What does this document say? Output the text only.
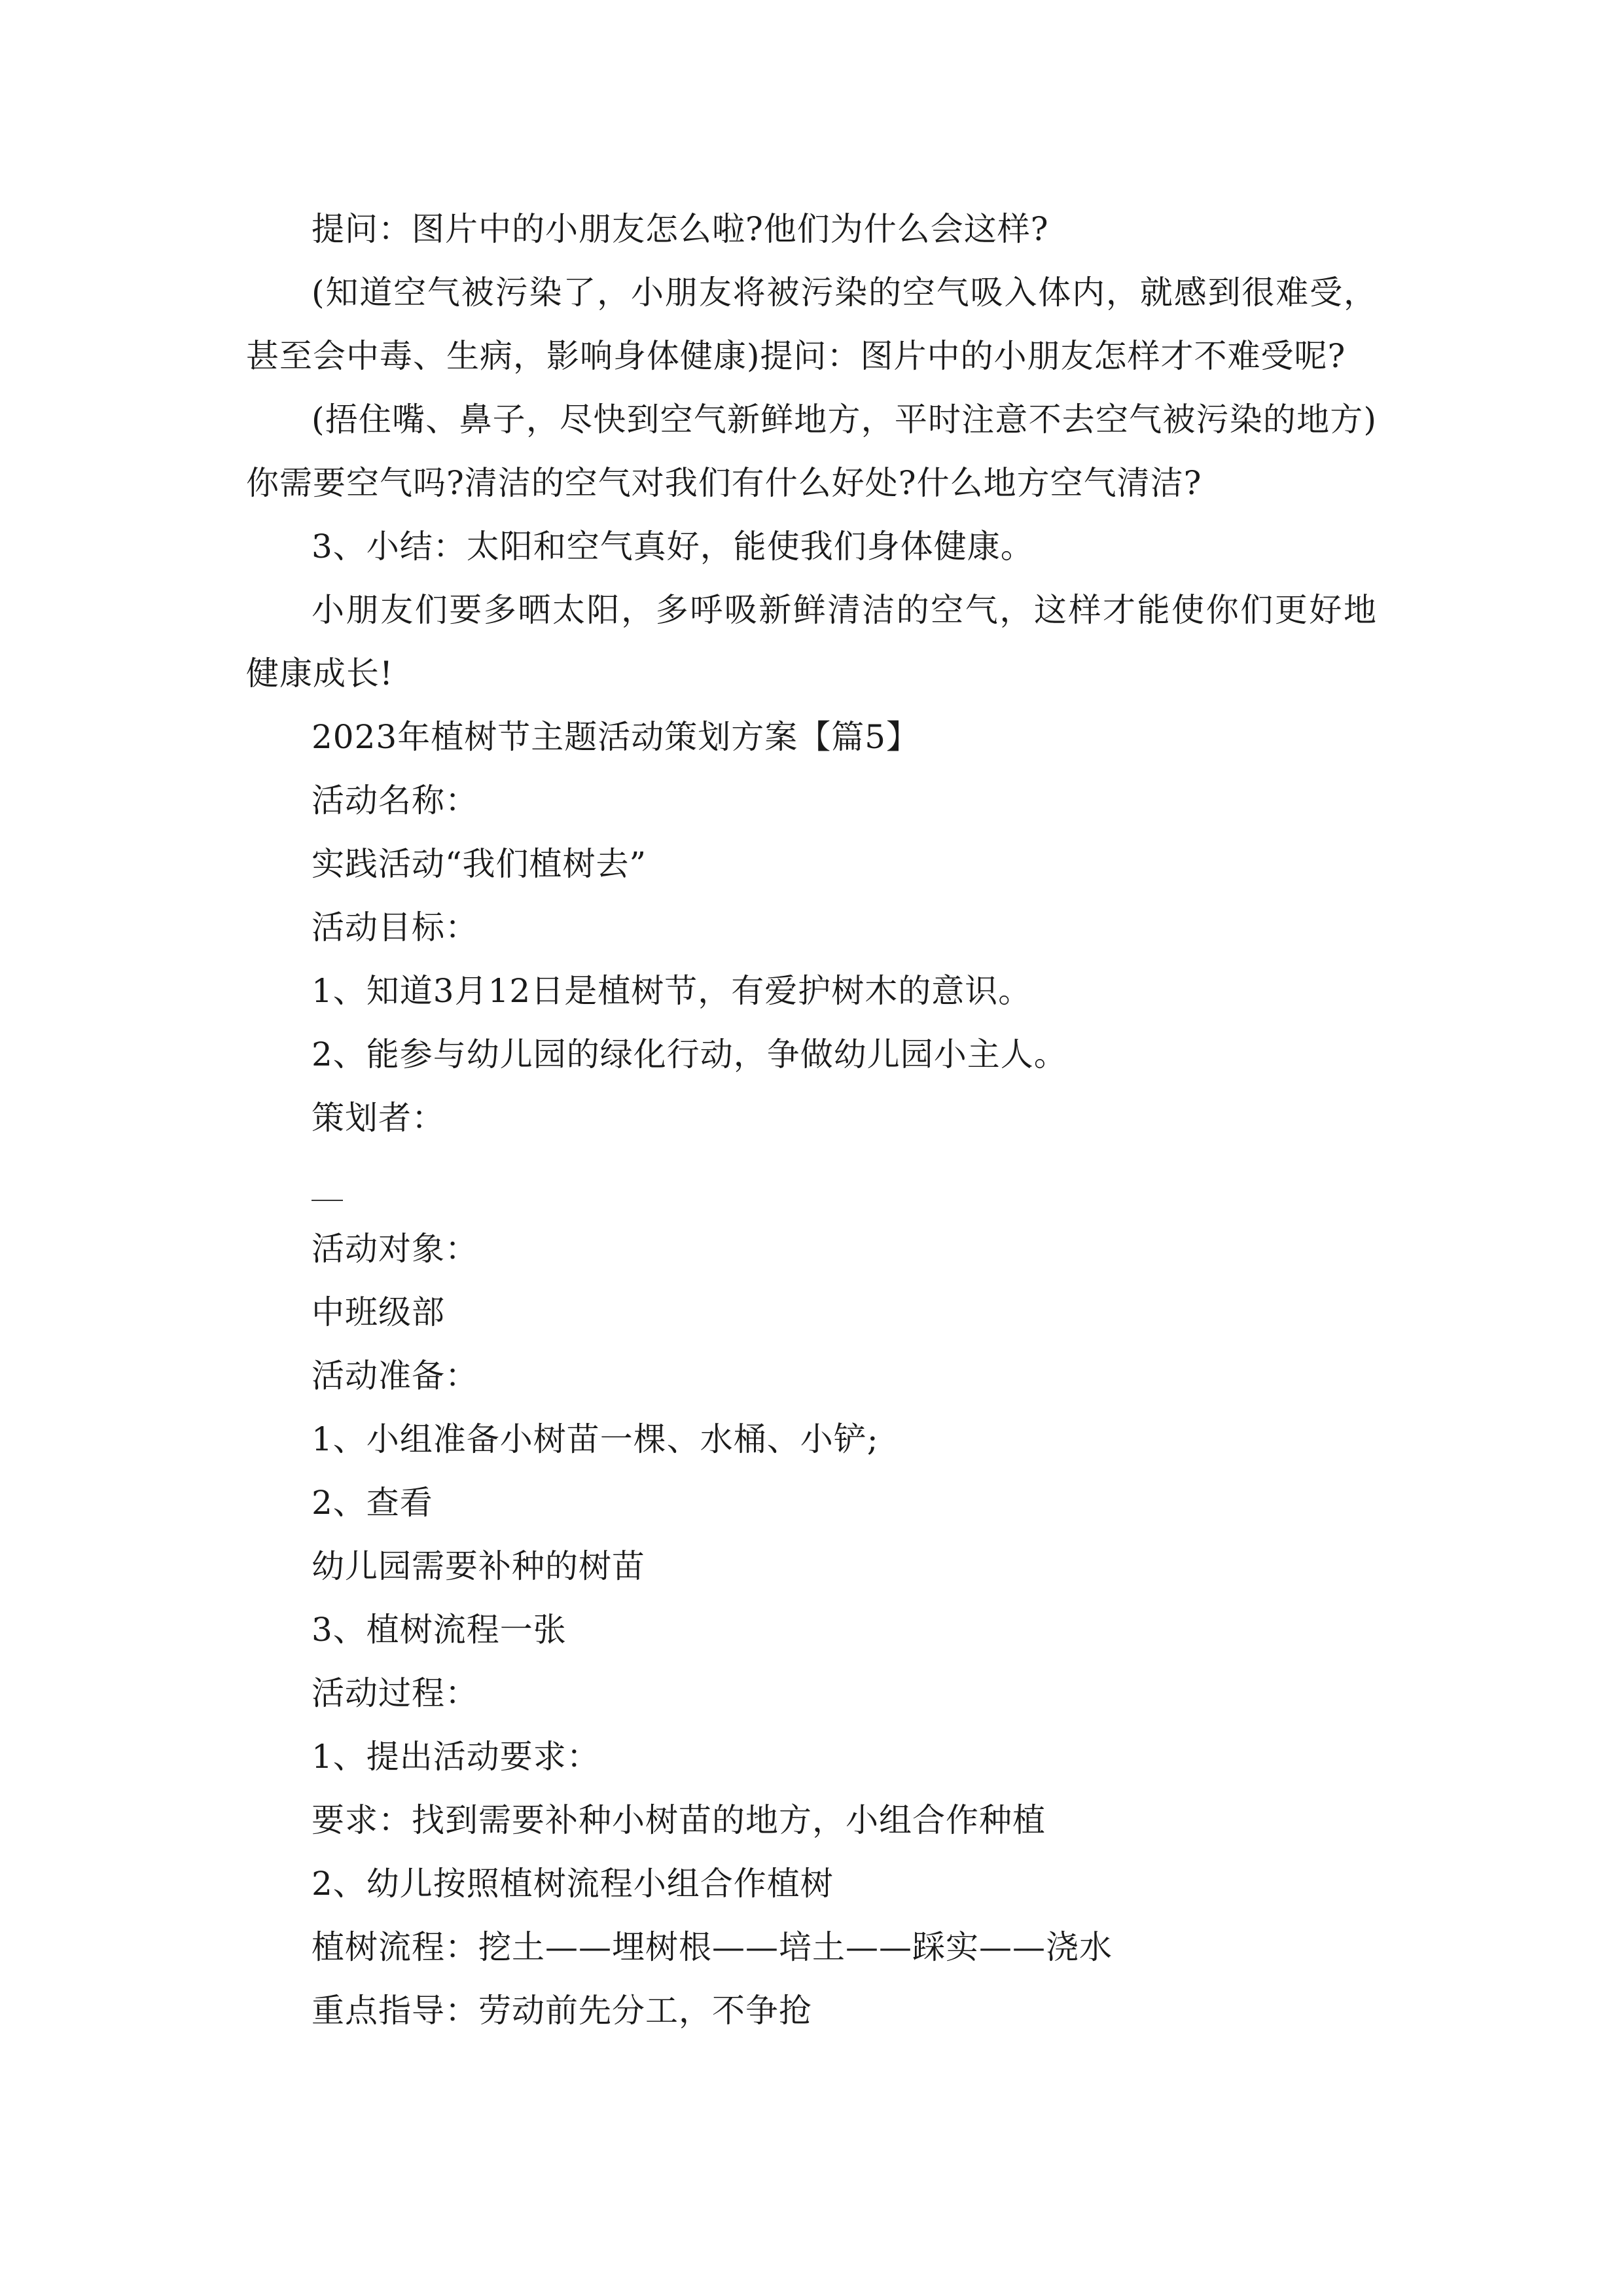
提问：图片中的小朋友怎么啦?他们为什么会这样?

(知道空气被污染了，小朋友将被污染的空气吸入体内，就感到很难受，甚至会中毒、生病，影响身体健康)提问：图片中的小朋友怎样才不难受呢?

(捂住嘴、鼻子，尽快到空气新鲜地方，平时注意不去空气被污染的地方)你需要空气吗?清洁的空气对我们有什么好处?什么地方空气清洁?

3、小结：太阳和空气真好，能使我们身体健康。

小朋友们要多晒太阳，多呼吸新鲜清洁的空气，这样才能使你们更好地健康成长!

2023年植树节主题活动策划方案【篇5】

活动名称：

实践活动“我们植树去”

活动目标：

1、知道3月12日是植树节，有爱护树木的意识。

2、能参与幼儿园的绿化行动，争做幼儿园小主人。

策划者：

活动对象：

中班级部

活动准备：

1、小组准备小树苗一棵、水桶、小铲;

2、查看

幼儿园需要补种的树苗

3、植树流程一张

活动过程：

1、提出活动要求：

要求：找到需要补种小树苗的地方，小组合作种植

2、幼儿按照植树流程小组合作植树

植树流程：挖土——埋树根——培土——踩实——浇水

重点指导：劳动前先分工，不争抢
